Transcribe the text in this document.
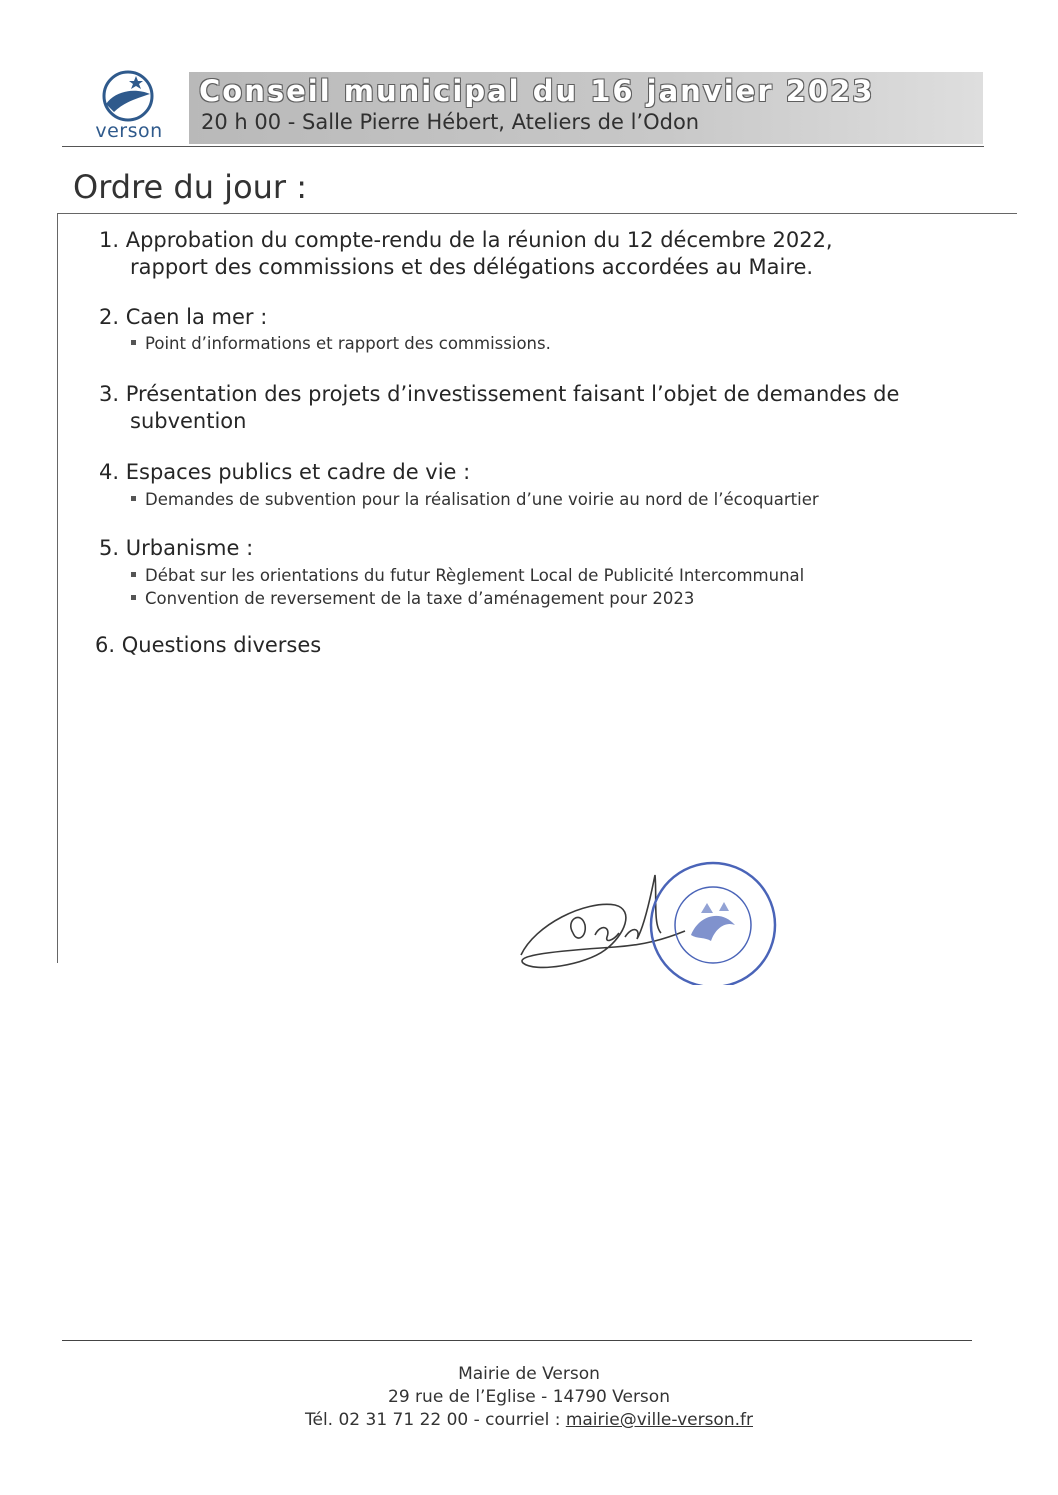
verson
Conseil municipal du 16 janvier 2023
20 h 00 - Salle Pierre Hébert, Ateliers de l’Odon
Ordre du jour :
1. Approbation du compte-rendu de la réunion du 12 décembre 2022,
rapport des commissions et des délégations accordées au Maire.
2. Caen la mer :
Point d’informations et rapport des commissions.
3. Présentation des projets d’investissement faisant l’objet de demandes de
subvention
4. Espaces publics et cadre de vie :
Demandes de subvention pour la réalisation d’une voirie au nord de l’écoquartier
5. Urbanisme :
Débat sur les orientations du futur Règlement Local de Publicité Intercommunal
Convention de reversement de la taxe d’aménagement pour 2023
6. Questions diverses
Mairie de Verson
29 rue de l’Eglise - 14790 Verson
Tél. 02 31 71 22 00 - courriel : mairie@ville-verson.fr
